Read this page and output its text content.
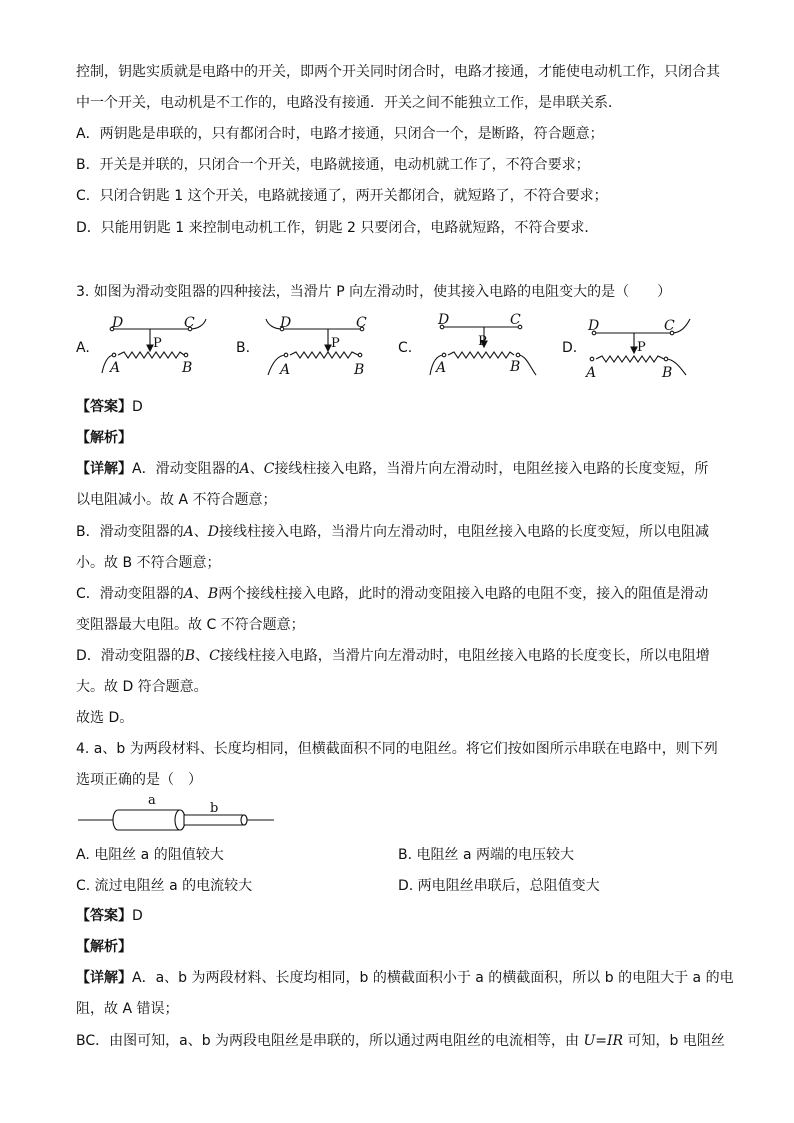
控制，钥匙实质就是电路中的开关，即两个开关同时闭合时，电路才接通，才能使电动机工作，只闭合其
中一个开关，电动机是不工作的，电路没有接通．开关之间不能独立工作，是串联关系．
A．两钥匙是串联的，只有都闭合时，电路才接通，只闭合一个，是断路，符合题意；
B．开关是并联的，只闭合一个开关，电路就接通，电动机就工作了，不符合要求；
C．只闭合钥匙 1 这个开关，电路就接通了，两开关都闭合，就短路了，不符合要求；
D．只能用钥匙 1 来控制电动机工作，钥匙 2 只要闭合，电路就短路，不符合要求．
3. 如图为滑动变阻器的四种接法，当滑片 P 向左滑动时，使其接入电路的电阻变大的是（　　）
A.	B.	C.	D.
D	C
P
A	B
D	C
P
A	B
D	C
P
A	B
D	C
P
A	B
【答案】D
【解析】
【详解】A．滑动变阻器的A、C接线柱接入电路，当滑片向左滑动时，电阻丝接入电路的长度变短，所
以电阻减小。故 A 不符合题意；
B．滑动变阻器的A、D接线柱接入电路，当滑片向左滑动时，电阻丝接入电路的长度变短，所以电阻减
小。故 B 不符合题意；
C．滑动变阻器的A、B两个接线柱接入电路，此时的滑动变阻接入电路的电阻不变，接入的阻值是滑动
变阻器最大电阻。故 C 不符合题意；
D．滑动变阻器的B、C接线柱接入电路，当滑片向左滑动时，电阻丝接入电路的长度变长，所以电阻增
大。故 D 符合题意。
故选 D。
4. a、b 为两段材料、长度均相同，但横截面积不同的电阻丝。将它们按如图所示串联在电路中，则下列
选项正确的是（　）
a
b
A. 电阻丝 a 的阻值较大	B. 电阻丝 a 两端的电压较大
C. 流过电阻丝 a 的电流较大	D. 两电阻丝串联后，总阻值变大
【答案】D
【解析】
【详解】A．a、b 为两段材料、长度均相同，b 的横截面积小于 a 的横截面积，所以 b 的电阻大于 a 的电
阻，故 A 错误；
BC．由图可知，a、b 为两段电阻丝是串联的，所以通过两电阻丝的电流相等，由 U=IR 可知，b 电阻丝
